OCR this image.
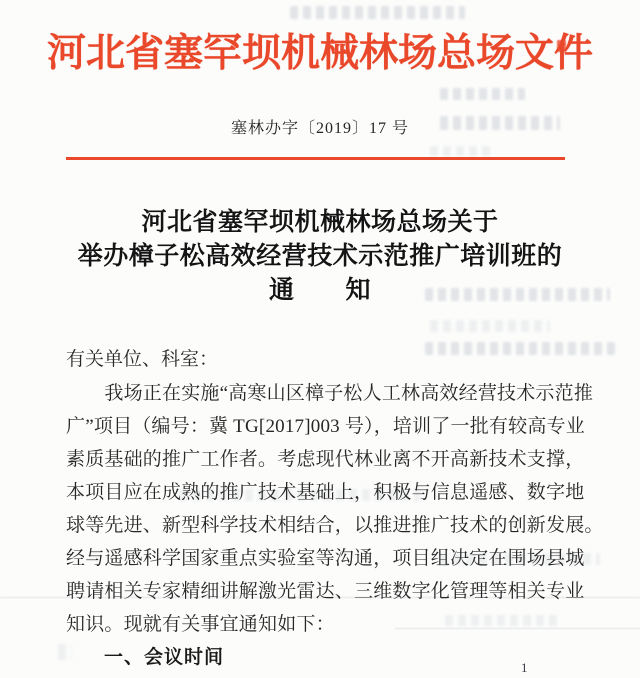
河北省塞罕坝机械林场总场文件
塞林办字〔2019〕17 号
河北省塞罕坝机械林场总场关于
举办樟子松高效经营技术示范推广培训班的
通　　知
有关单位、科室：
　　我场正在实施“高寒山区樟子松人工林高效经营技术示范推
广”项目（编号：冀 TG[2017]003 号），培训了一批有较高专业
素质基础的推广工作者。考虑现代林业离不开高新技术支撑，
本项目应在成熟的推广技术基础上，积极与信息遥感、数字地
球等先进、新型科学技术相结合，以推进推广技术的创新发展。
经与遥感科学国家重点实验室等沟通，项目组决定在围场县城
聘请相关专家精细讲解激光雷达、三维数字化管理等相关专业
知识。现就有关事宜通知如下：
一、会议时间	1
